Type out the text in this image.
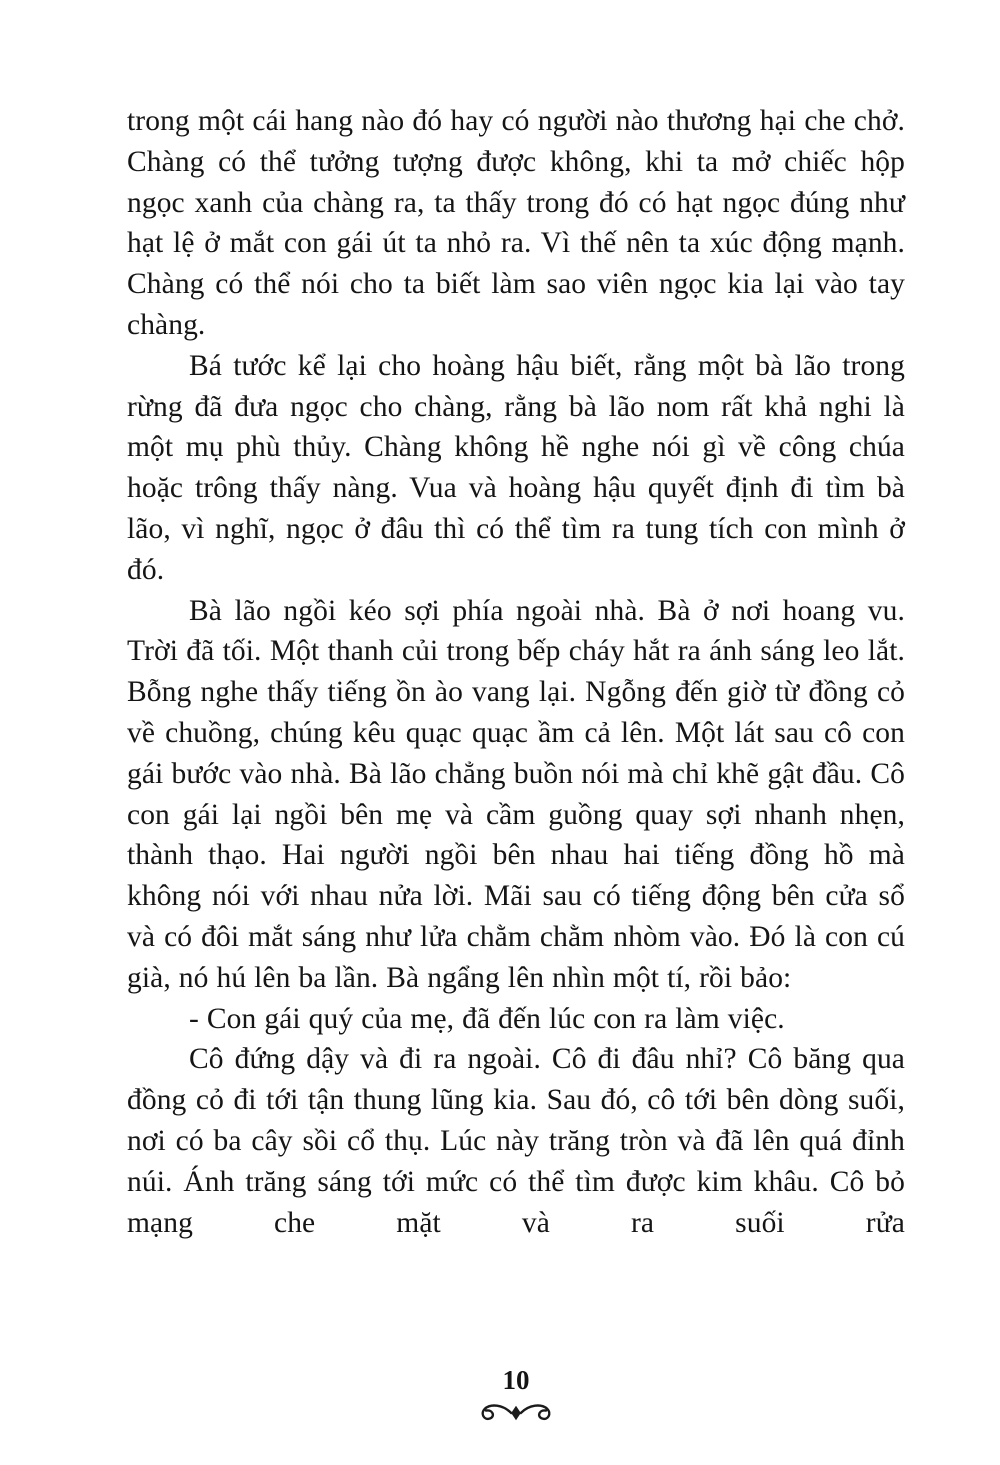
trong một cái hang nào đó hay có người nào thương hại che chở. Chàng có thể tưởng tượng được không, khi ta mở chiếc hộp ngọc xanh của chàng ra, ta thấy trong đó có hạt ngọc đúng như hạt lệ ở mắt con gái út ta nhỏ ra. Vì thế nên ta xúc động mạnh. Chàng có thể nói cho ta biết làm sao viên ngọc kia lại vào tay chàng.

Bá tước kể lại cho hoàng hậu biết, rằng một bà lão trong rừng đã đưa ngọc cho chàng, rằng bà lão nom rất khả nghi là một mụ phù thủy. Chàng không hề nghe nói gì về công chúa hoặc trông thấy nàng. Vua và hoàng hậu quyết định đi tìm bà lão, vì nghĩ, ngọc ở đâu thì có thể tìm ra tung tích con mình ở đó.

Bà lão ngồi kéo sợi phía ngoài nhà. Bà ở nơi hoang vu. Trời đã tối. Một thanh củi trong bếp cháy hắt ra ánh sáng leo lắt. Bỗng nghe thấy tiếng ồn ào vang lại. Ngỗng đến giờ từ đồng cỏ về chuồng, chúng kêu quạc quạc ầm cả lên. Một lát sau cô con gái bước vào nhà. Bà lão chẳng buồn nói mà chỉ khẽ gật đầu. Cô con gái lại ngồi bên mẹ và cầm guồng quay sợi nhanh nhẹn, thành thạo. Hai người ngồi bên nhau hai tiếng đồng hồ mà không nói với nhau nửa lời. Mãi sau có tiếng động bên cửa sổ và có đôi mắt sáng như lửa chằm chằm nhòm vào. Đó là con cú già, nó hú lên ba lần. Bà ngẩng lên nhìn một tí, rồi bảo:

- Con gái quý của mẹ, đã đến lúc con ra làm việc.

Cô đứng dậy và đi ra ngoài. Cô đi đâu nhỉ? Cô băng qua đồng cỏ đi tới tận thung lũng kia. Sau đó, cô tới bên dòng suối, nơi có ba cây sồi cổ thụ. Lúc này trăng tròn và đã lên quá đỉnh núi. Ánh trăng sáng tới mức có thể tìm được kim khâu. Cô bỏ mạng che mặt và ra suối rửa

10
